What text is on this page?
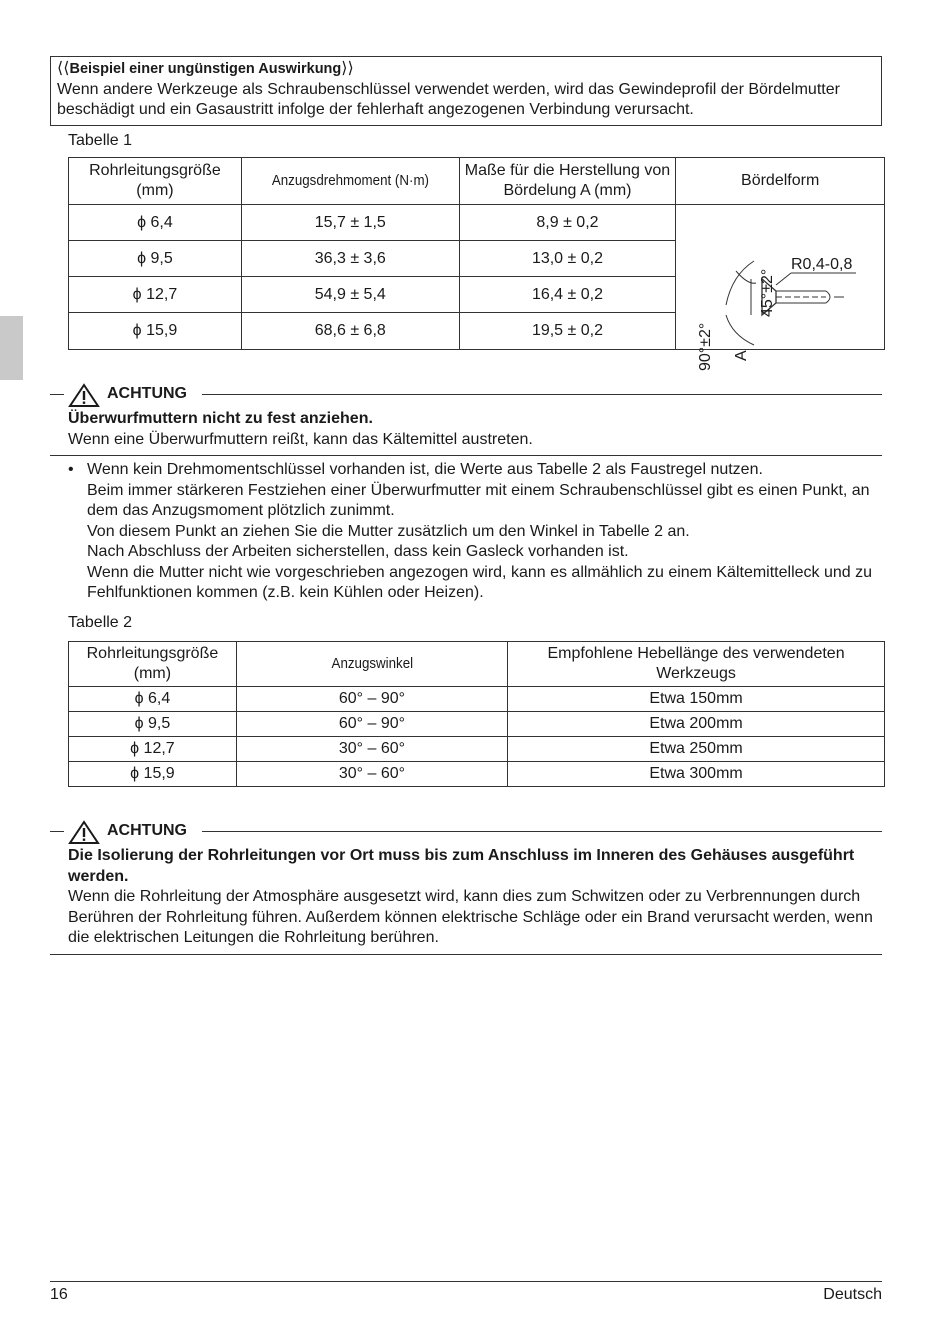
⟨⟨Beispiel einer ungünstigen Auswirkung⟩⟩
Wenn andere Werkzeuge als Schraubenschlüssel verwendet werden, wird das Gewindeprofil der Bördelmutter beschädigt und ein Gasaustritt infolge der fehlerhaft angezogenen Verbindung verursacht.
Tabelle 1
Rohrleitungsgröße (mm)	Anzugsdrehmoment (N·m)	Maße für die Herstellung von Bördelung A (mm)	Bördelform
ϕ 6,4	15,7 ± 1,5	8,9 ± 0,2	45°±2°
90°±2° A
R0,4-0,8

ϕ 9,5	36,3 ± 3,6	13,0 ± 0,2	
ϕ 12,7	54,9 ± 5,4	16,4 ± 0,2	
ϕ 15,9	68,6 ± 6,8	19,5 ± 0,2	
ACHTUNG
Überwurfmuttern nicht zu fest anziehen.
Wenn eine Überwurfmuttern reißt, kann das Kältemittel austreten.
• Wenn kein Drehmomentschlüssel vorhanden ist, die Werte aus Tabelle 2 als Faustregel nutzen.
Beim immer stärkeren Festziehen einer Überwurfmutter mit einem Schraubenschlüssel gibt es einen Punkt, an dem das Anzugsmoment plötzlich zunimmt.
Von diesem Punkt an ziehen Sie die Mutter zusätzlich um den Winkel in Tabelle 2 an.
Nach Abschluss der Arbeiten sicherstellen, dass kein Gasleck vorhanden ist.
Wenn die Mutter nicht wie vorgeschrieben angezogen wird, kann es allmählich zu einem Kältemittelleck und zu Fehlfunktionen kommen (z.B. kein Kühlen oder Heizen).
Tabelle 2
Rohrleitungsgröße (mm)	Anzugswinkel	Empfohlene Hebellänge des verwendeten Werkzeugs
ϕ 6,4	60° – 90°	Etwa 150mm
ϕ 9,5	60° – 90°	Etwa 200mm
ϕ 12,7	30° – 60°	Etwa 250mm
ϕ 15,9	30° – 60°	Etwa 300mm
ACHTUNG
Die Isolierung der Rohrleitungen vor Ort muss bis zum Anschluss im Inneren des Gehäuses ausgeführt werden.
Wenn die Rohrleitung der Atmosphäre ausgesetzt wird, kann dies zum Schwitzen oder zu Verbrennungen durch Berühren der Rohrleitung führen. Außerdem können elektrische Schläge oder ein Brand verursacht werden, wenn die elektrischen Leitungen die Rohrleitung berühren.
16	Deutsch
